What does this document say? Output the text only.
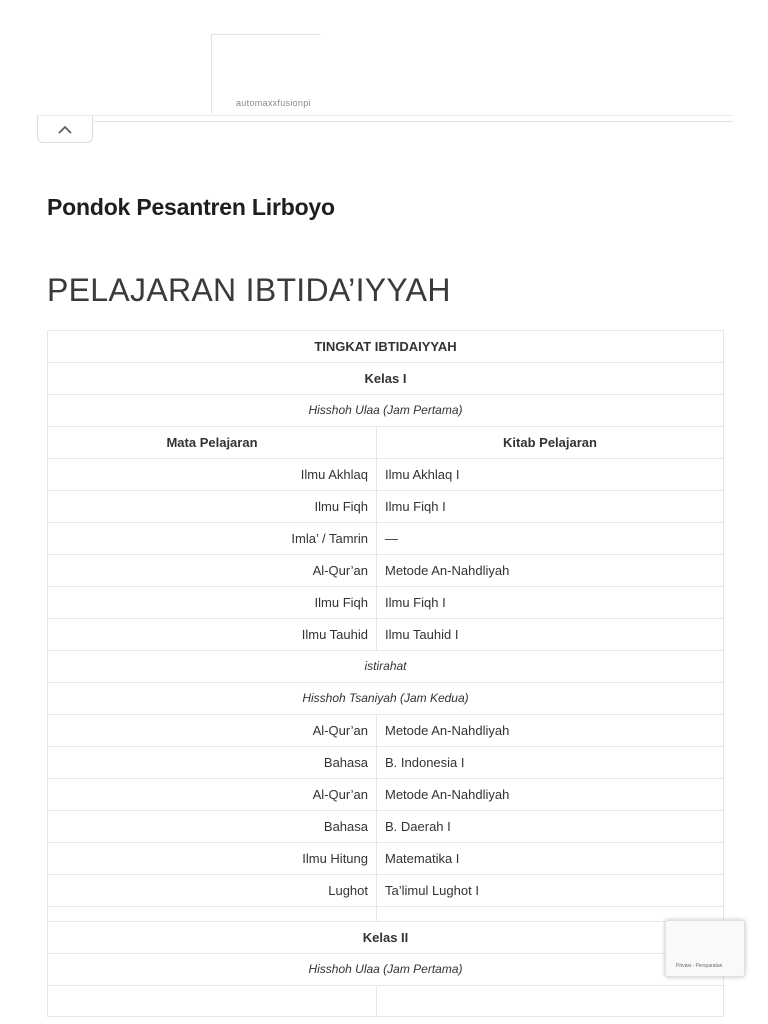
automaxxfusionpi
Pondok Pesantren Lirboyo
PELAJARAN IBTIDA’IYYAH
TINGKAT IBTIDAIYYAH	
Kelas I	
Hisshoh Ulaa (Jam Pertama)	
Mata Pelajaran	Kitab Pelajaran
Ilmu Akhlaq	Ilmu Akhlaq I
Ilmu Fiqh	Ilmu Fiqh I
Imla’ / Tamrin	—
Al-Qur’an	Metode An-Nahdliyah
Ilmu Fiqh	Ilmu Fiqh I
Ilmu Tauhid	Ilmu Tauhid I
istirahat	
Hisshoh Tsaniyah (Jam Kedua)	
Al-Qur’an	Metode An-Nahdliyah
Bahasa	B. Indonesia I
Al-Qur’an	Metode An-Nahdliyah
Bahasa	B. Daerah I
Ilmu Hitung	Matematika I
Lughot	Ta’limul Lughot I

Kelas II	
Hisshoh Ulaa (Jam Pertama)	
		Privasi - Persyaratan
